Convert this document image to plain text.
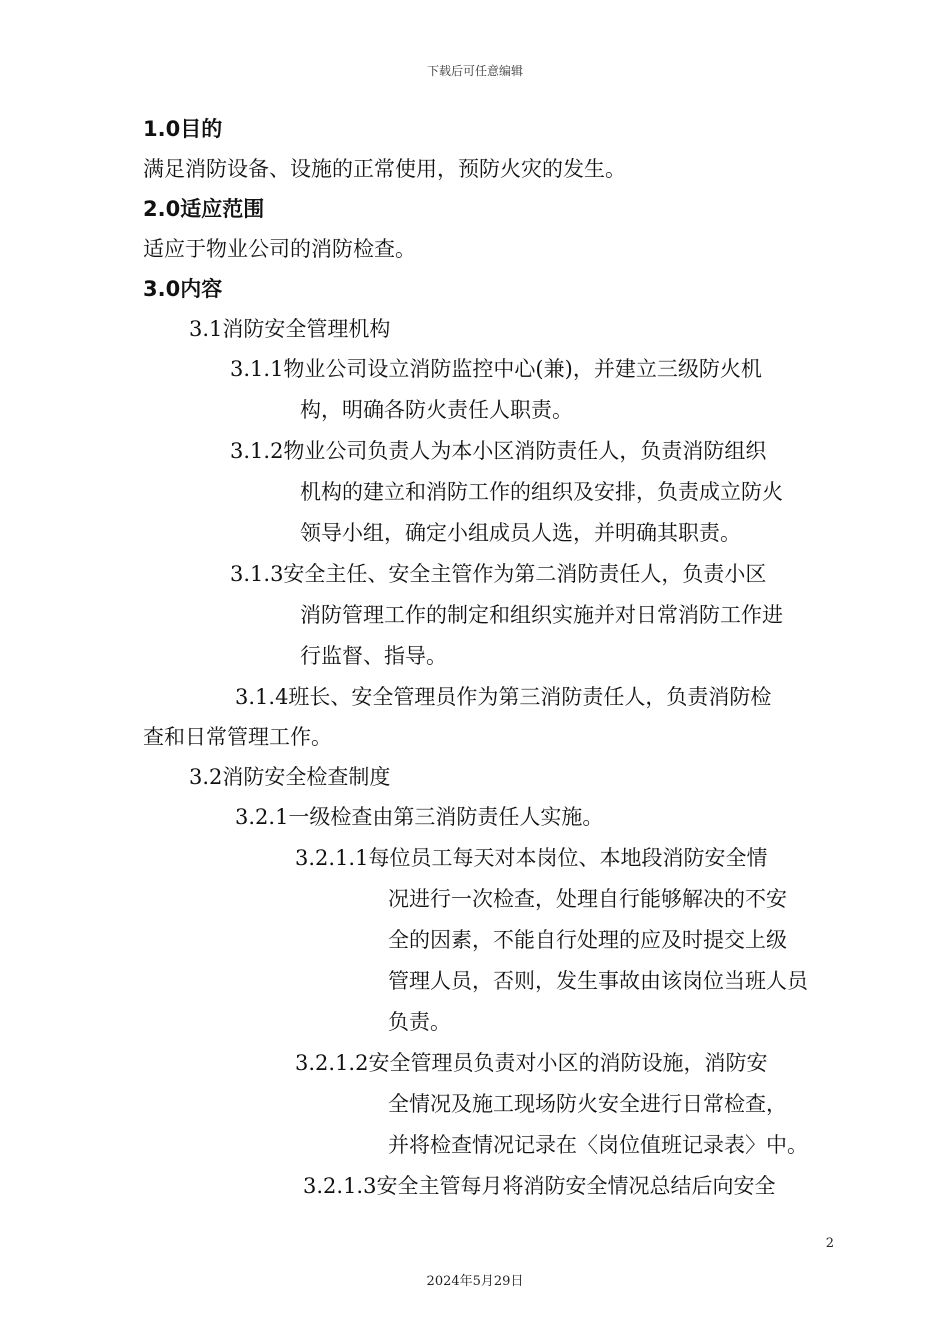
下载后可任意编辑
1.0目的
满足消防设备、设施的正常使用，预防火灾的发生。
2.0适应范围
适应于物业公司的消防检查。
3.0内容
3.1消防安全管理机构
3.1.1物业公司设立消防监控中心(兼)，并建立三级防火机
构，明确各防火责任人职责。
3.1.2物业公司负责人为本小区消防责任人，负责消防组织
机构的建立和消防工作的组织及安排，负责成立防火
领导小组，确定小组成员人选，并明确其职责。
3.1.3安全主任、安全主管作为第二消防责任人，负责小区
消防管理工作的制定和组织实施并对日常消防工作进
行监督、指导。
3.1.4班长、安全管理员作为第三消防责任人，负责消防检
查和日常管理工作。
3.2消防安全检查制度
3.2.1一级检查由第三消防责任人实施。
3.2.1.1每位员工每天对本岗位、本地段消防安全情
况进行一次检查，处理自行能够解决的不安
全的因素，不能自行处理的应及时提交上级
管理人员，否则，发生事故由该岗位当班人员
负责。
3.2.1.2安全管理员负责对小区的消防设施，消防安
全情况及施工现场防火安全进行日常检查，
并将检查情况记录在〈岗位值班记录表〉中。
3.2.1.3安全主管每月将消防安全情况总结后向安全
2
2024年5月29日
